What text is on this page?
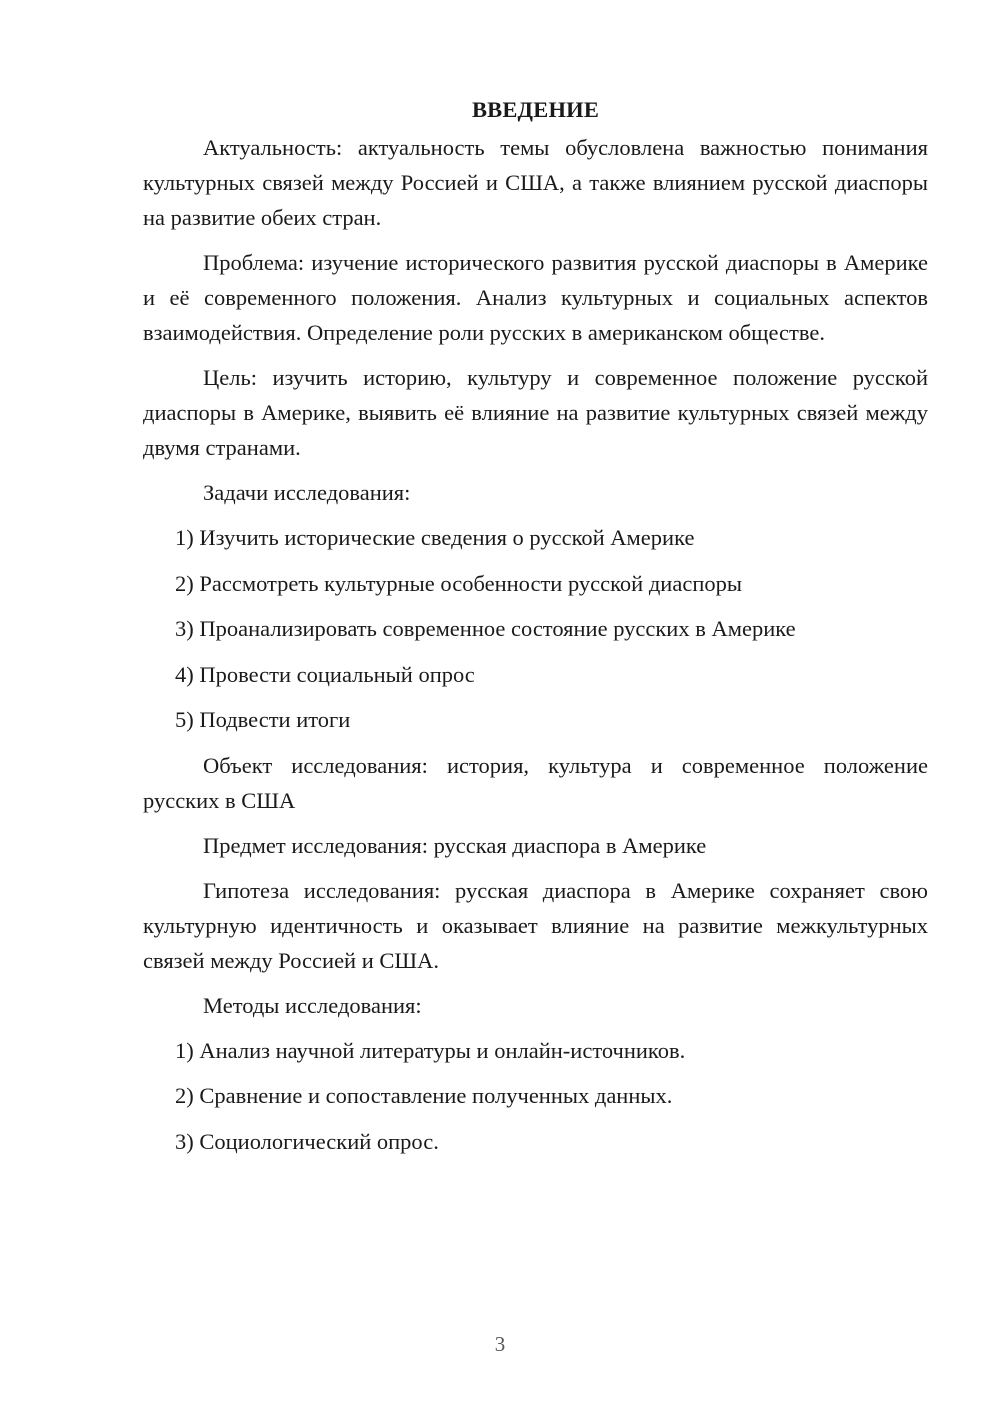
ВВЕДЕНИЕ

Актуальность: актуальность темы обусловлена важностью понимания культурных связей между Россией и США, а также влиянием русской диаспоры на развитие обеих стран.

Проблема: изучение исторического развития русской диаспоры в Америке и её современного положения. Анализ культурных и социальных аспектов взаимодействия. Определение роли русских в американском обществе.

Цель: изучить историю, культуру и современное положение русской диаспоры в Америке, выявить её влияние на развитие культурных связей между двумя странами.

Задачи исследования:

1) Изучить исторические сведения о русской Америке
2) Рассмотреть культурные особенности русской диаспоры
3) Проанализировать современное состояние русских в Америке
4) Провести социальный опрос
5) Подвести итоги

Объект исследования: история, культура и современное положение русских в США

Предмет исследования: русская диаспора в Америке

Гипотеза исследования: русская диаспора в Америке сохраняет свою культурную идентичность и оказывает влияние на развитие межкультурных связей между Россией и США.

Методы исследования:

1) Анализ научной литературы и онлайн-источников.
2) Сравнение и сопоставление полученных данных.
3) Социологический опрос.
3
